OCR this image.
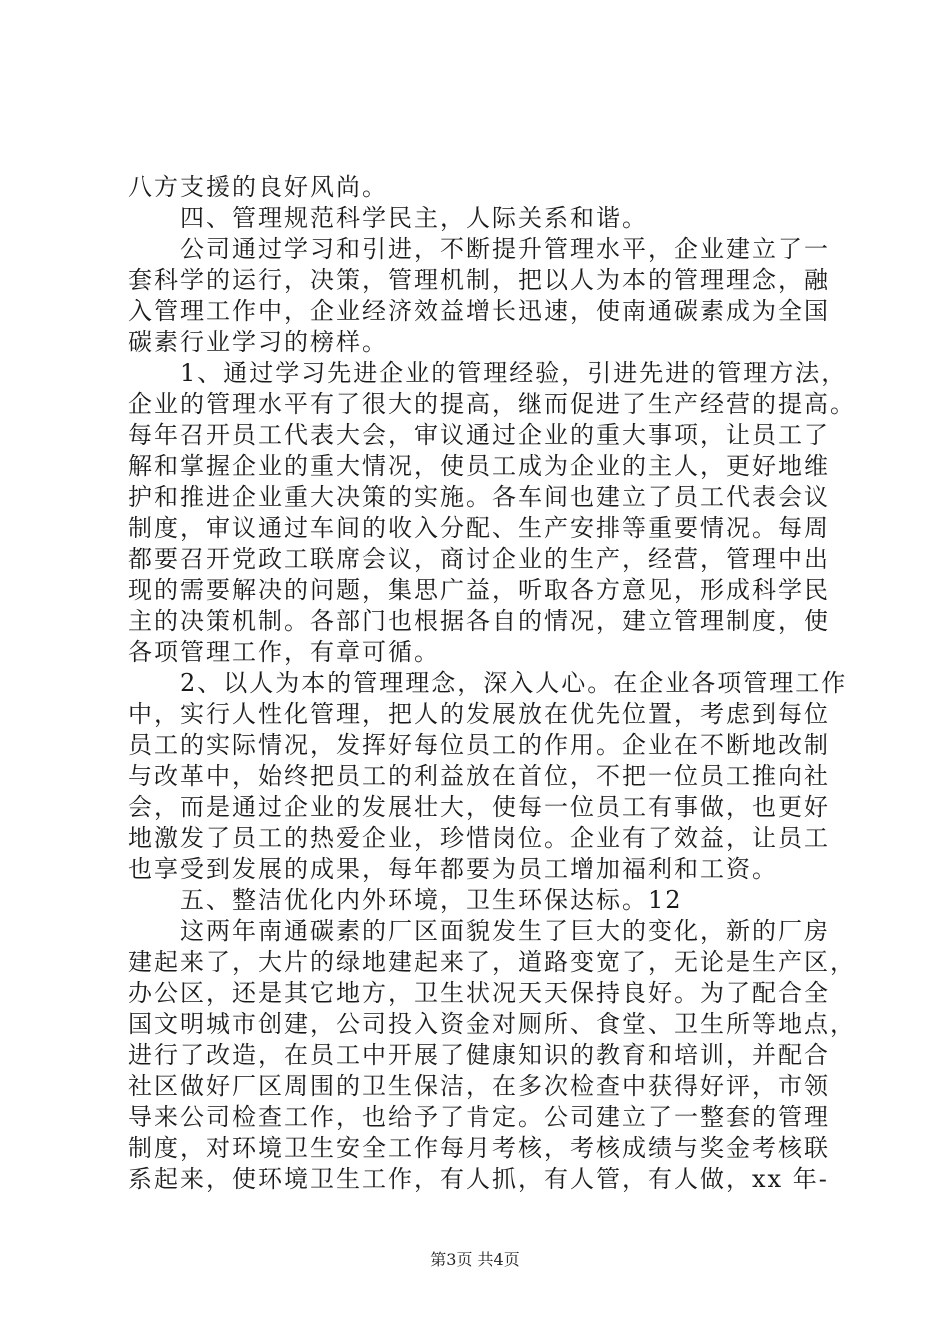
八方支援的良好风尚。
四、管理规范科学民主，人际关系和谐。
公司通过学习和引进，不断提升管理水平，企业建立了一
套科学的运行，决策，管理机制，把以人为本的管理理念，融
入管理工作中，企业经济效益增长迅速，使南通碳素成为全国
碳素行业学习的榜样。
1、通过学习先进企业的管理经验，引进先进的管理方法，
企业的管理水平有了很大的提高，继而促进了生产经营的提高。
每年召开员工代表大会，审议通过企业的重大事项，让员工了
解和掌握企业的重大情况，使员工成为企业的主人，更好地维
护和推进企业重大决策的实施。各车间也建立了员工代表会议
制度，审议通过车间的收入分配、生产安排等重要情况。每周
都要召开党政工联席会议，商讨企业的生产，经营，管理中出
现的需要解决的问题，集思广益，听取各方意见，形成科学民
主的决策机制。各部门也根据各自的情况，建立管理制度，使
各项管理工作，有章可循。
2、以人为本的管理理念，深入人心。在企业各项管理工作
中，实行人性化管理，把人的发展放在优先位置，考虑到每位
员工的实际情况，发挥好每位员工的作用。企业在不断地改制
与改革中，始终把员工的利益放在首位，不把一位员工推向社
会，而是通过企业的发展壮大，使每一位员工有事做，也更好
地激发了员工的热爱企业，珍惜岗位。企业有了效益，让员工
也享受到发展的成果，每年都要为员工增加福利和工资。
五、整洁优化内外环境，卫生环保达标。12
这两年南通碳素的厂区面貌发生了巨大的变化，新的厂房
建起来了，大片的绿地建起来了，道路变宽了，无论是生产区，
办公区，还是其它地方，卫生状况天天保持良好。为了配合全
国文明城市创建，公司投入资金对厕所、食堂、卫生所等地点，
进行了改造，在员工中开展了健康知识的教育和培训，并配合
社区做好厂区周围的卫生保洁，在多次检查中获得好评，市领
导来公司检查工作，也给予了肯定。公司建立了一整套的管理
制度，对环境卫生安全工作每月考核，考核成绩与奖金考核联
系起来，使环境卫生工作，有人抓，有人管，有人做，xx 年-
第3页 共4页
